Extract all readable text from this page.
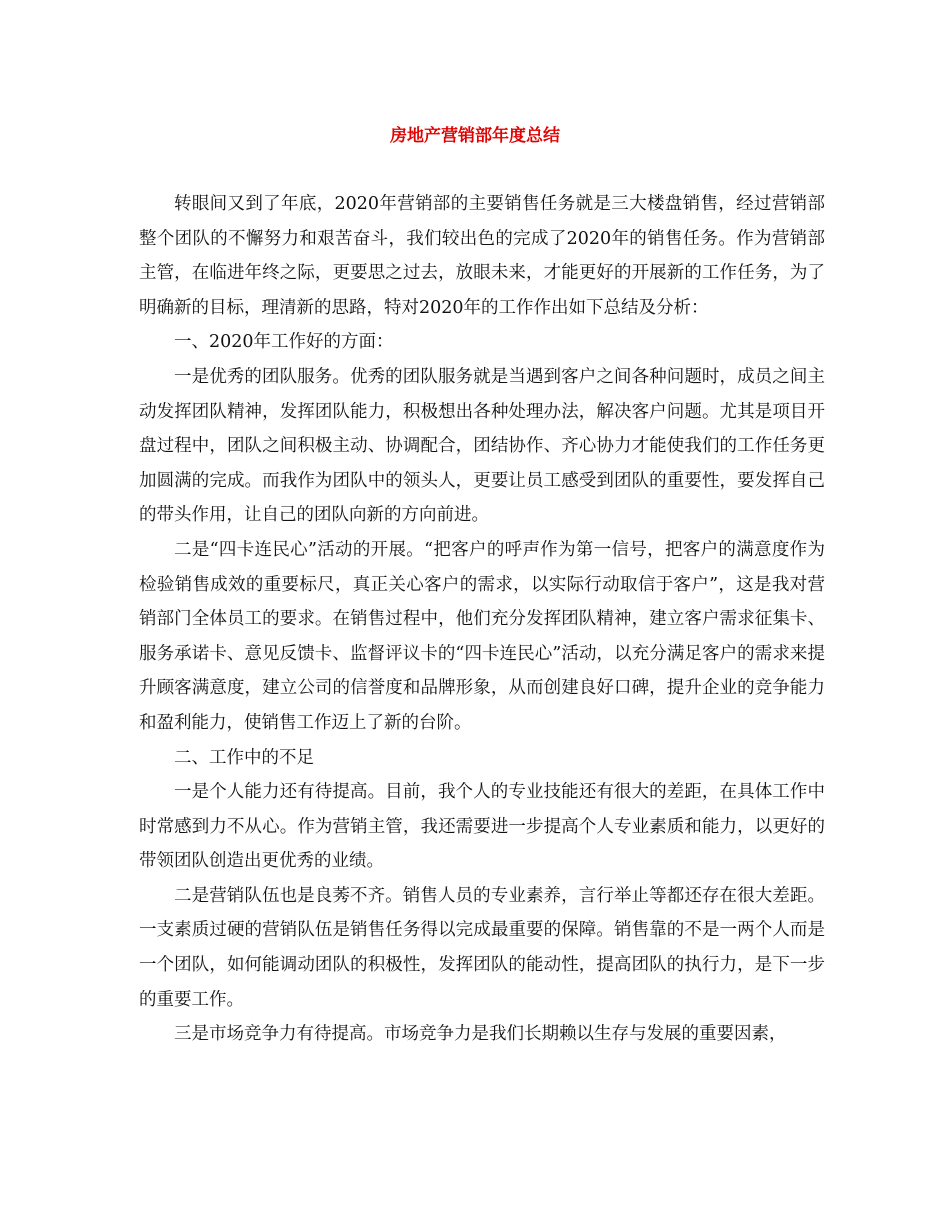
房地产营销部年度总结

转眼间又到了年底，2020年营销部的主要销售任务就是三大楼盘销售，经过营销部整个团队的不懈努力和艰苦奋斗，我们较出色的完成了2020年的销售任务。作为营销部主管，在临进年终之际，更要思之过去，放眼未来，才能更好的开展新的工作任务，为了明确新的目标，理清新的思路，特对2020年的工作作出如下总结及分析：

一、2020年工作好的方面：

一是优秀的团队服务。优秀的团队服务就是当遇到客户之间各种问题时，成员之间主动发挥团队精神，发挥团队能力，积极想出各种处理办法，解决客户问题。尤其是项目开盘过程中，团队之间积极主动、协调配合，团结协作、齐心协力才能使我们的工作任务更加圆满的完成。而我作为团队中的领头人，更要让员工感受到团队的重要性，要发挥自己的带头作用，让自己的团队向新的方向前进。

二是“四卡连民心”活动的开展。“把客户的呼声作为第一信号，把客户的满意度作为检验销售成效的重要标尺，真正关心客户的需求，以实际行动取信于客户”，这是我对营销部门全体员工的要求。在销售过程中，他们充分发挥团队精神，建立客户需求征集卡、服务承诺卡、意见反馈卡、监督评议卡的“四卡连民心”活动，以充分满足客户的需求来提升顾客满意度，建立公司的信誉度和品牌形象，从而创建良好口碑，提升企业的竞争能力和盈利能力，使销售工作迈上了新的台阶。

二、工作中的不足

一是个人能力还有待提高。目前，我个人的专业技能还有很大的差距，在具体工作中时常感到力不从心。作为营销主管，我还需要进一步提高个人专业素质和能力，以更好的带领团队创造出更优秀的业绩。

二是营销队伍也是良莠不齐。销售人员的专业素养，言行举止等都还存在很大差距。一支素质过硬的营销队伍是销售任务得以完成最重要的保障。销售靠的不是一两个人而是一个团队，如何能调动团队的积极性，发挥团队的能动性，提高团队的执行力，是下一步的重要工作。

三是市场竞争力有待提高。市场竞争力是我们长期赖以生存与发展的重要因素，
